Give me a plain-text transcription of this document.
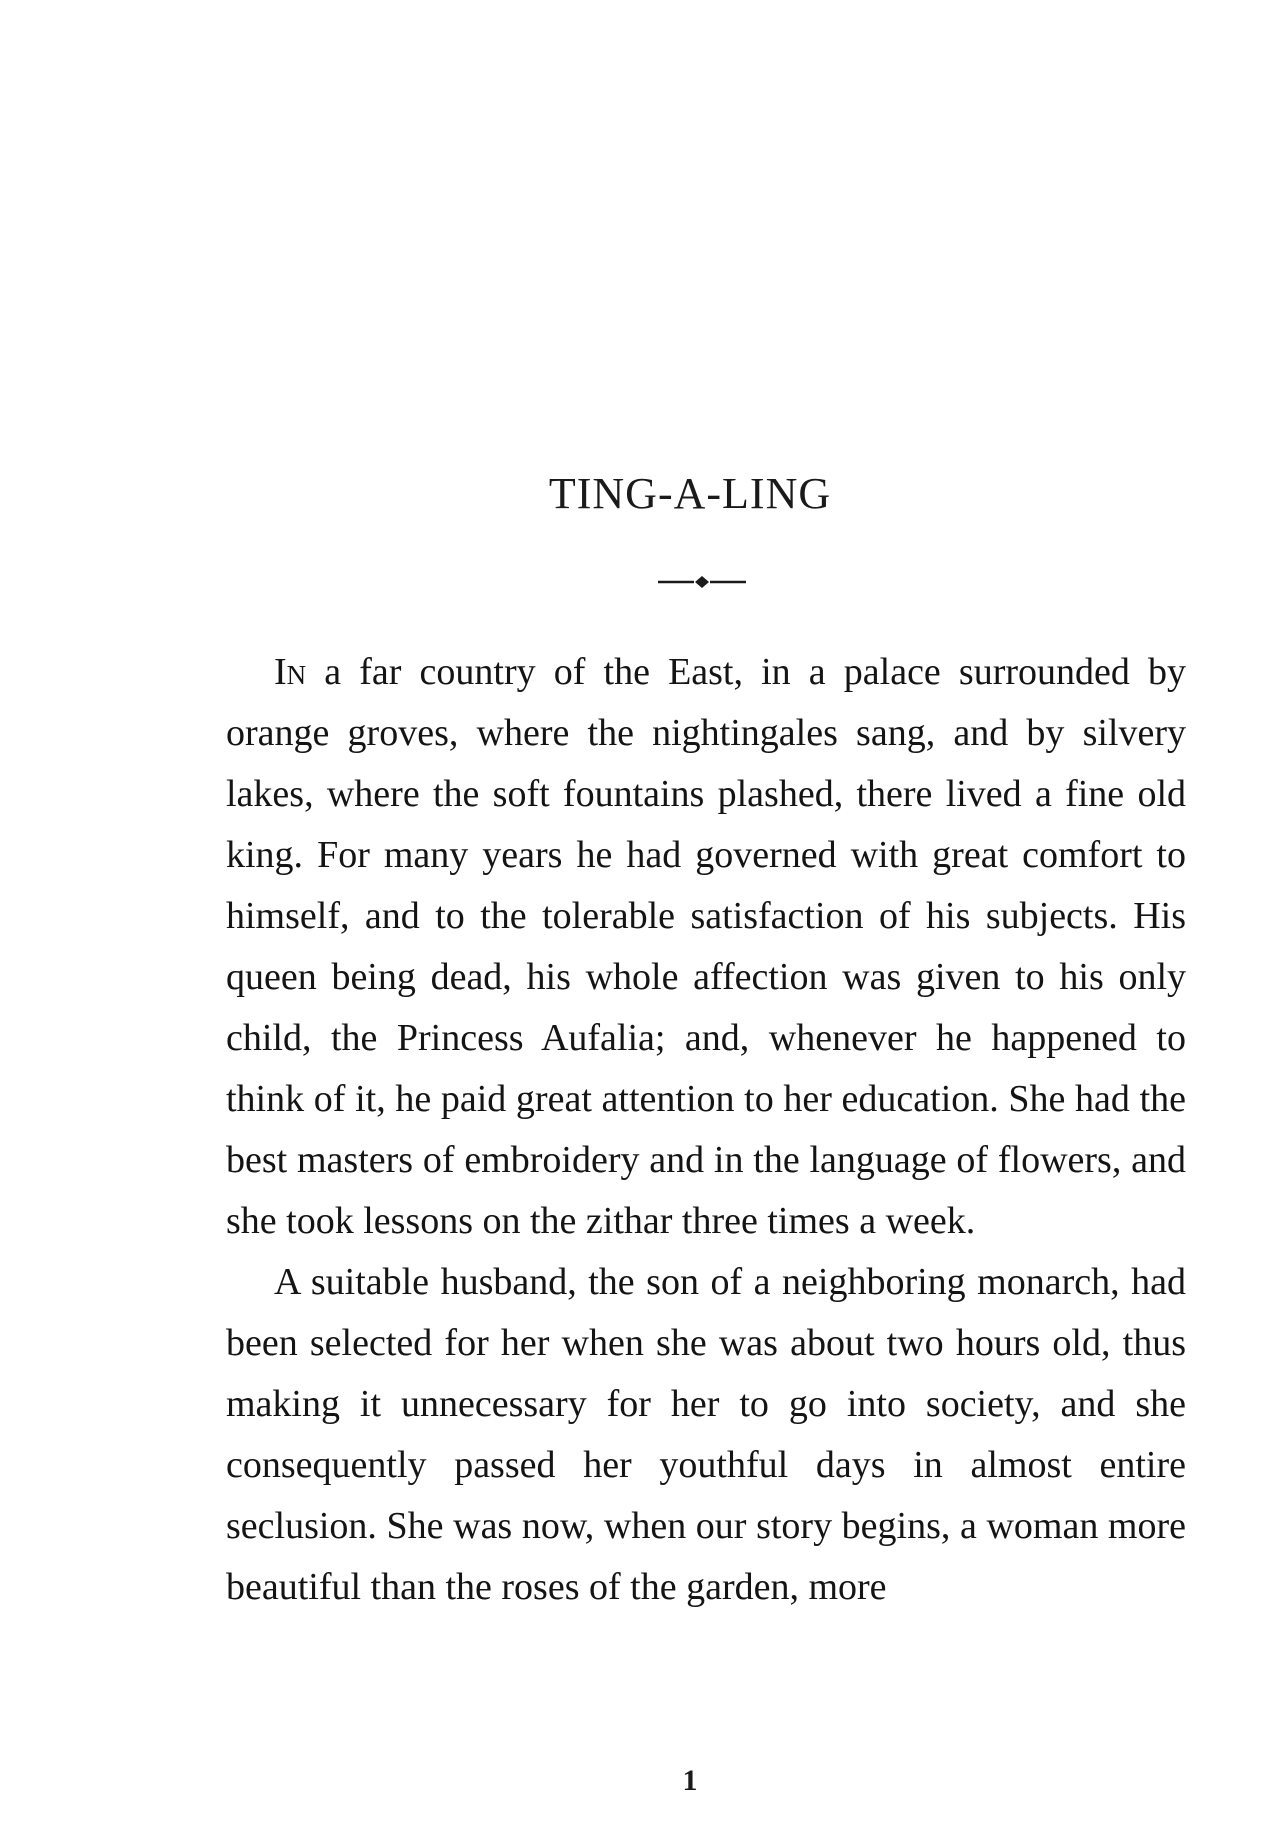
TING-A-LING

In a far country of the East, in a palace surrounded by orange groves, where the nightingales sang, and by silvery lakes, where the soft fountains plashed, there lived a fine old king. For many years he had governed with great comfort to himself, and to the tolerable satisfaction of his subjects. His queen being dead, his whole affection was given to his only child, the Princess Aufalia; and, whenever he happened to think of it, he paid great attention to her education. She had the best masters of embroidery and in the language of flowers, and she took lessons on the zithar three times a week.

A suitable husband, the son of a neighboring monarch, had been selected for her when she was about two hours old, thus making it unnecessary for her to go into society, and she consequently passed her youthful days in almost entire seclusion. She was now, when our story begins, a woman more beautiful than the roses of the garden, more

1
